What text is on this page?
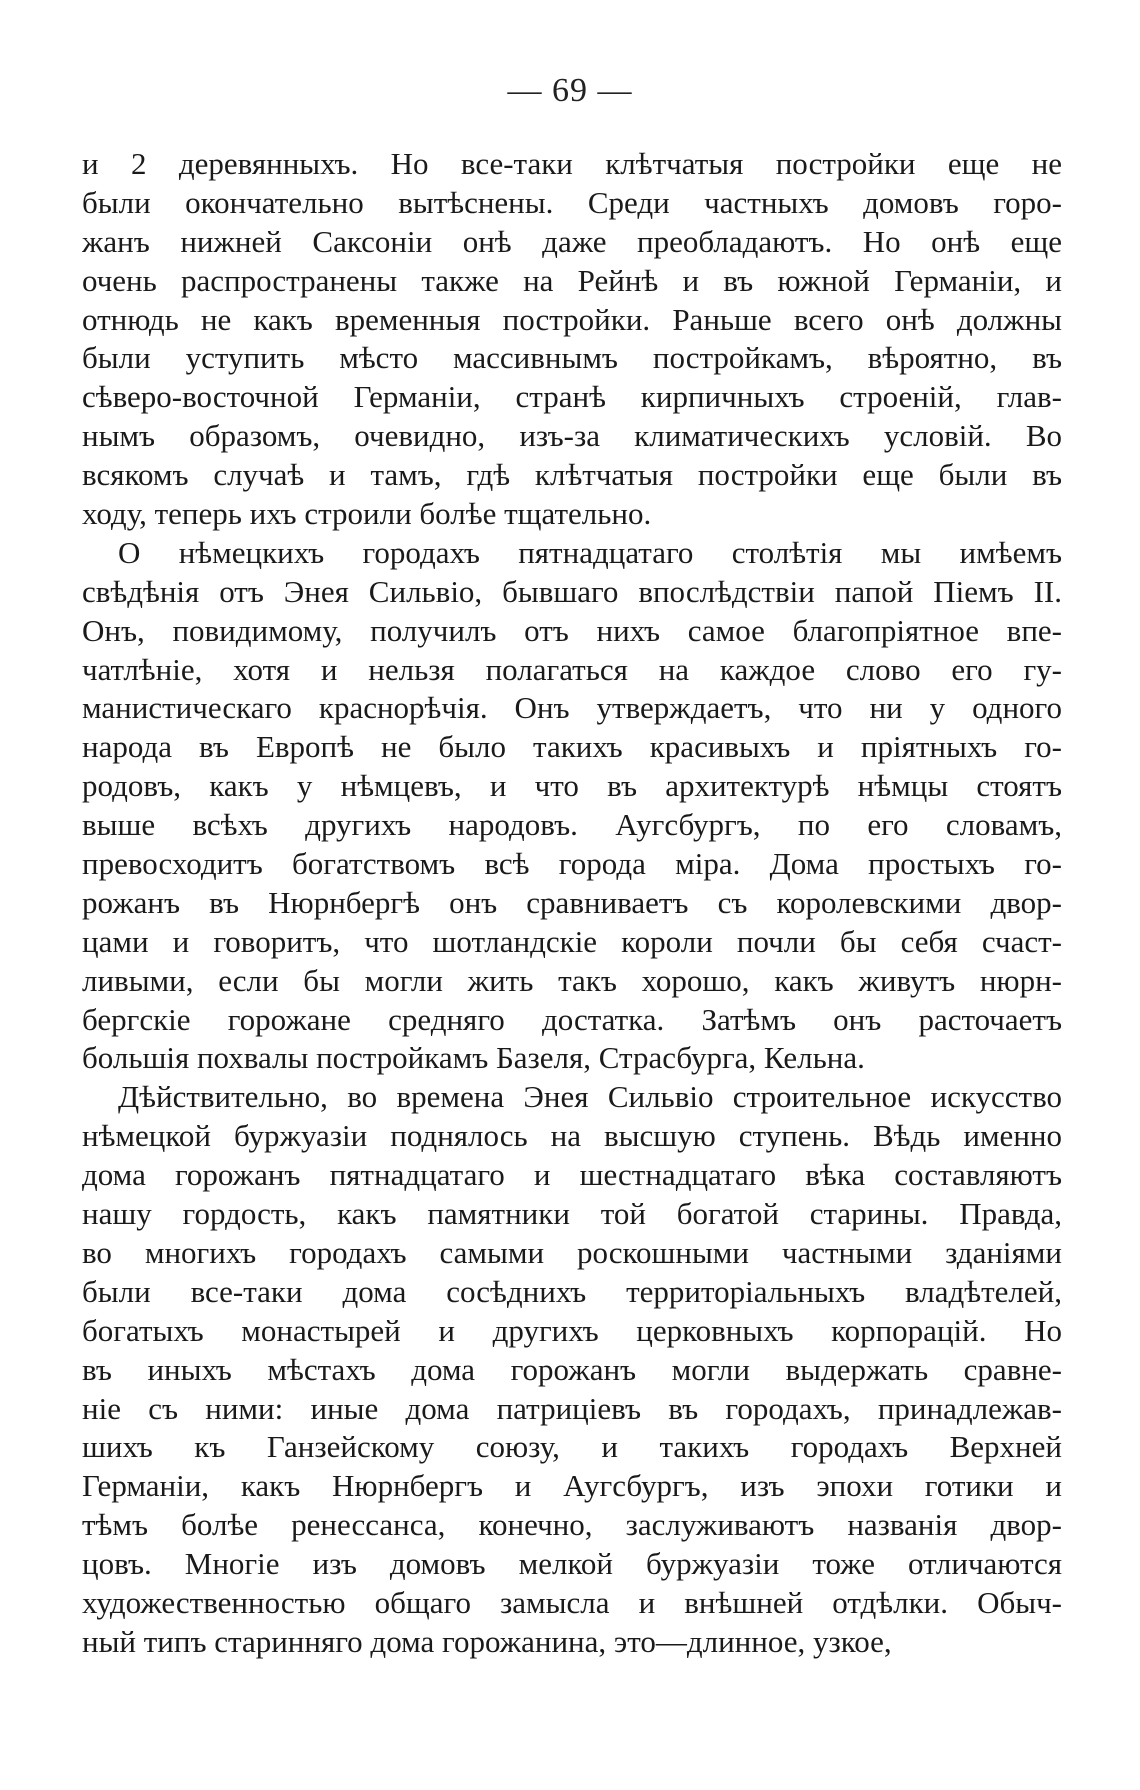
— 69 —
и 2 деревянныхъ. Но все-таки клѣтчатыя постройки еще не
были окончательно вытѣснены. Среди частныхъ домовъ горо-
жанъ нижней Саксоніи онѣ даже преобладаютъ. Но онѣ еще
очень распространены также на Рейнѣ и въ южной Германіи, и
отнюдь не какъ временныя постройки. Раньше всего онѣ должны
были уступить мѣсто массивнымъ постройкамъ, вѣроятно, въ
сѣверо-восточной Германіи, странѣ кирпичныхъ строеній, глав-
нымъ образомъ, очевидно, изъ-за климатическихъ условій. Во
всякомъ случаѣ и тамъ, гдѣ клѣтчатыя постройки еще были въ
ходу, теперь ихъ строили болѣе тщательно.
О нѣмецкихъ городахъ пятнадцатаго столѣтія мы имѣемъ
свѣдѣнія отъ Энея Сильвіо, бывшаго впослѣдствіи папой Піемъ II.
Онъ, повидимому, получилъ отъ нихъ самое благопріятное впе-
чатлѣніе, хотя и нельзя полагаться на каждое слово его гу-
манистическаго краснорѣчія. Онъ утверждаетъ, что ни у одного
народа въ Европѣ не было такихъ красивыхъ и пріятныхъ го-
родовъ, какъ у нѣмцевъ, и что въ архитектурѣ нѣмцы стоятъ
выше всѣхъ другихъ народовъ. Аугсбургъ, по его словамъ,
превосходитъ богатствомъ всѣ города міра. Дома простыхъ го-
рожанъ въ Нюрнбергѣ онъ сравниваетъ съ королевскими двор-
цами и говоритъ, что шотландскіе короли почли бы себя счаст-
ливыми, если бы могли жить такъ хорошо, какъ живутъ нюрн-
бергскіе горожане средняго достатка. Затѣмъ онъ расточаетъ
большія похвалы постройкамъ Базеля, Страсбурга, Кельна.
Дѣйствительно, во времена Энея Сильвіо строительное искусство
нѣмецкой буржуазіи поднялось на высшую ступень. Вѣдь именно
дома горожанъ пятнадцатаго и шестнадцатаго вѣка составляютъ
нашу гордость, какъ памятники той богатой старины. Правда,
во многихъ городахъ самыми роскошными частными зданіями
были все-таки дома сосѣднихъ территоріальныхъ владѣтелей,
богатыхъ монастырей и другихъ церковныхъ корпорацій. Но
въ иныхъ мѣстахъ дома горожанъ могли выдержать сравне-
ніе съ ними: иные дома патриціевъ въ городахъ, принадлежав-
шихъ къ Ганзейскому союзу, и такихъ городахъ Верхней
Германіи, какъ Нюрнбергъ и Аугсбургъ, изъ эпохи готики и
тѣмъ болѣе ренессанса, конечно, заслуживаютъ названія двор-
цовъ. Многіе изъ домовъ мелкой буржуазіи тоже отличаются
художественностью общаго замысла и внѣшней отдѣлки. Обыч-
ный типъ старинняго дома горожанина, это—длинное, узкое,
